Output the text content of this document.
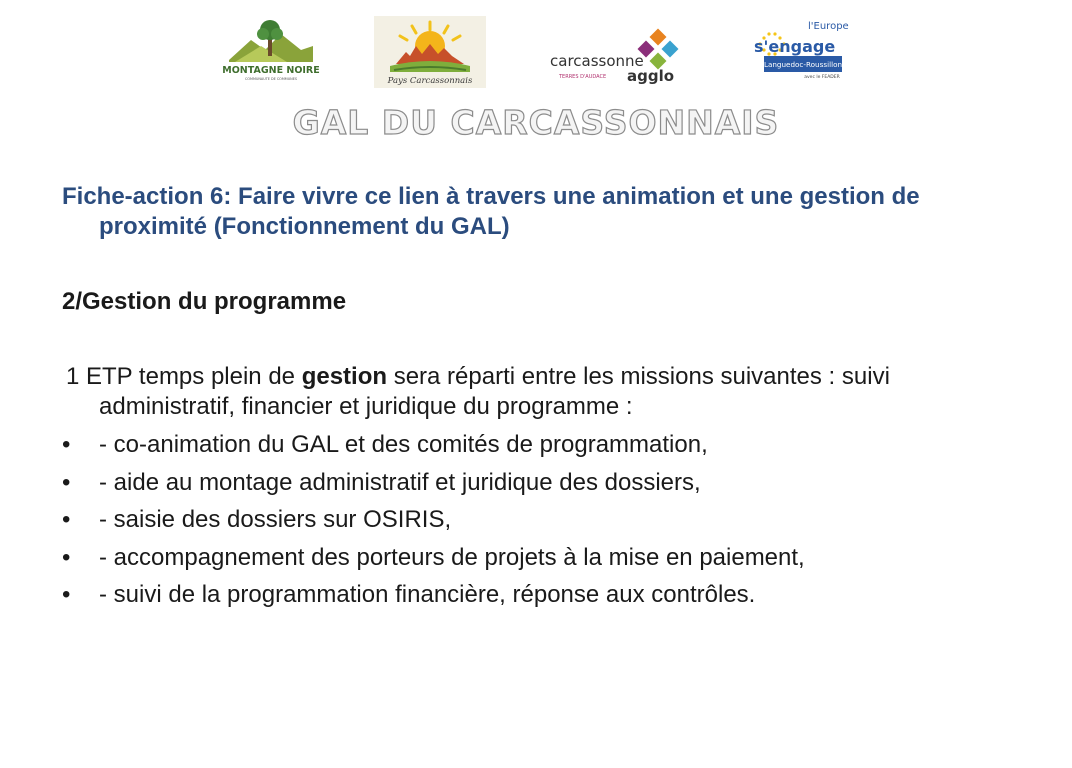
MONTAGNE NOIRE
COMMUNAUTE DE COMMUNES	Pays Carcassonnais
carcassonne
agglo
TERRES D'AUDACE
l'Europe
s'engage
Languedoc-Roussillon
avec le FEADER
GAL DU CARCASSONNAIS
Fiche-action 6: Faire vivre ce lien à travers une animation et une gestion de proximité (Fonctionnement du GAL)
2/Gestion du programme

1 ETP temps plein de gestion sera réparti entre les missions suivantes : suivi administratif, financier et juridique du programme :

• - co-animation du GAL et des comités de programmation,
• - aide au montage administratif et juridique des dossiers,
• - saisie des dossiers sur OSIRIS,
• - accompagnement des porteurs de projets à la mise en paiement,
• - suivi de la programmation financière, réponse aux contrôles.
